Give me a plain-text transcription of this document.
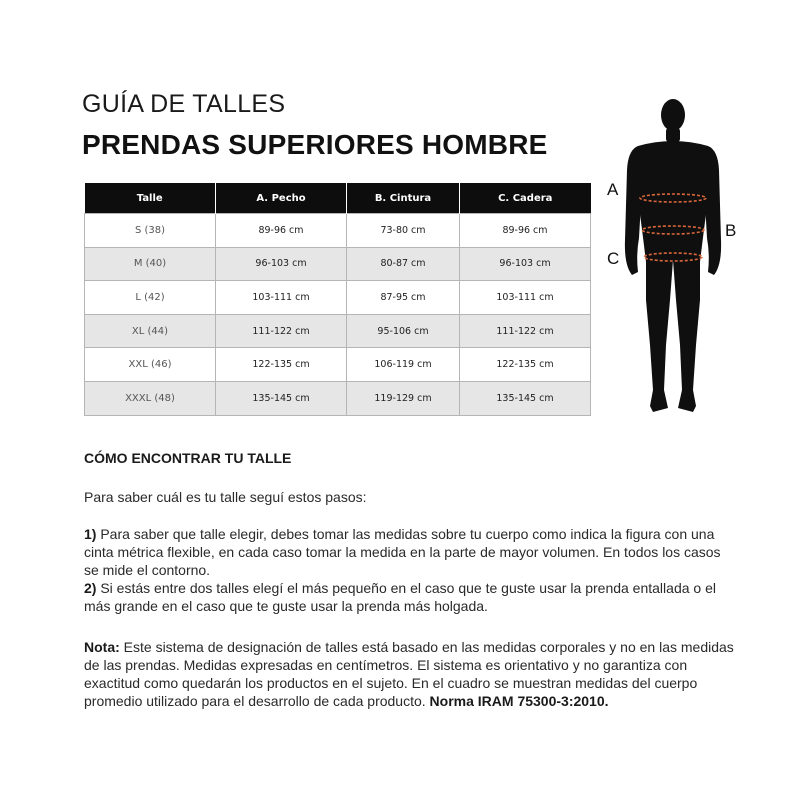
GUÍA DE TALLES
PRENDAS SUPERIORES HOMBRE
Talle	A. Pecho	B. Cintura	C. Cadera
S (38)	89-96 cm	73-80 cm	89-96 cm
M (40)	96-103 cm	80-87 cm	96-103 cm
L (42)	103-111 cm	87-95 cm	103-111 cm
XL (44)	111-122 cm	95-106 cm	111-122 cm
XXL (46)	122-135 cm	106-119 cm	122-135 cm
XXXL (48)	135-145 cm	119-129 cm	135-145 cm
A
B
C
CÓMO ENCONTRAR TU TALLE

Para saber cuál es tu talle seguí estos pasos:

1) Para saber que talle elegir, debes tomar las medidas sobre tu cuerpo como indica la figura con una cinta métrica flexible, en cada caso tomar la medida en la parte de mayor volumen. En todos los casos se mide el contorno.

2) Si estás entre dos talles elegí el más pequeño en el caso que te guste usar la prenda entallada o el más grande en el caso que te guste usar la prenda más holgada.

Nota: Este sistema de designación de talles está basado en las medidas corporales y no en las medidas de las prendas. Medidas expresadas en centímetros. El sistema es orientativo y no garantiza con exactitud como quedarán los productos en el sujeto. En el cuadro se muestran medidas del cuerpo promedio utilizado para el desarrollo de cada producto. Norma IRAM 75300-3:2010.
